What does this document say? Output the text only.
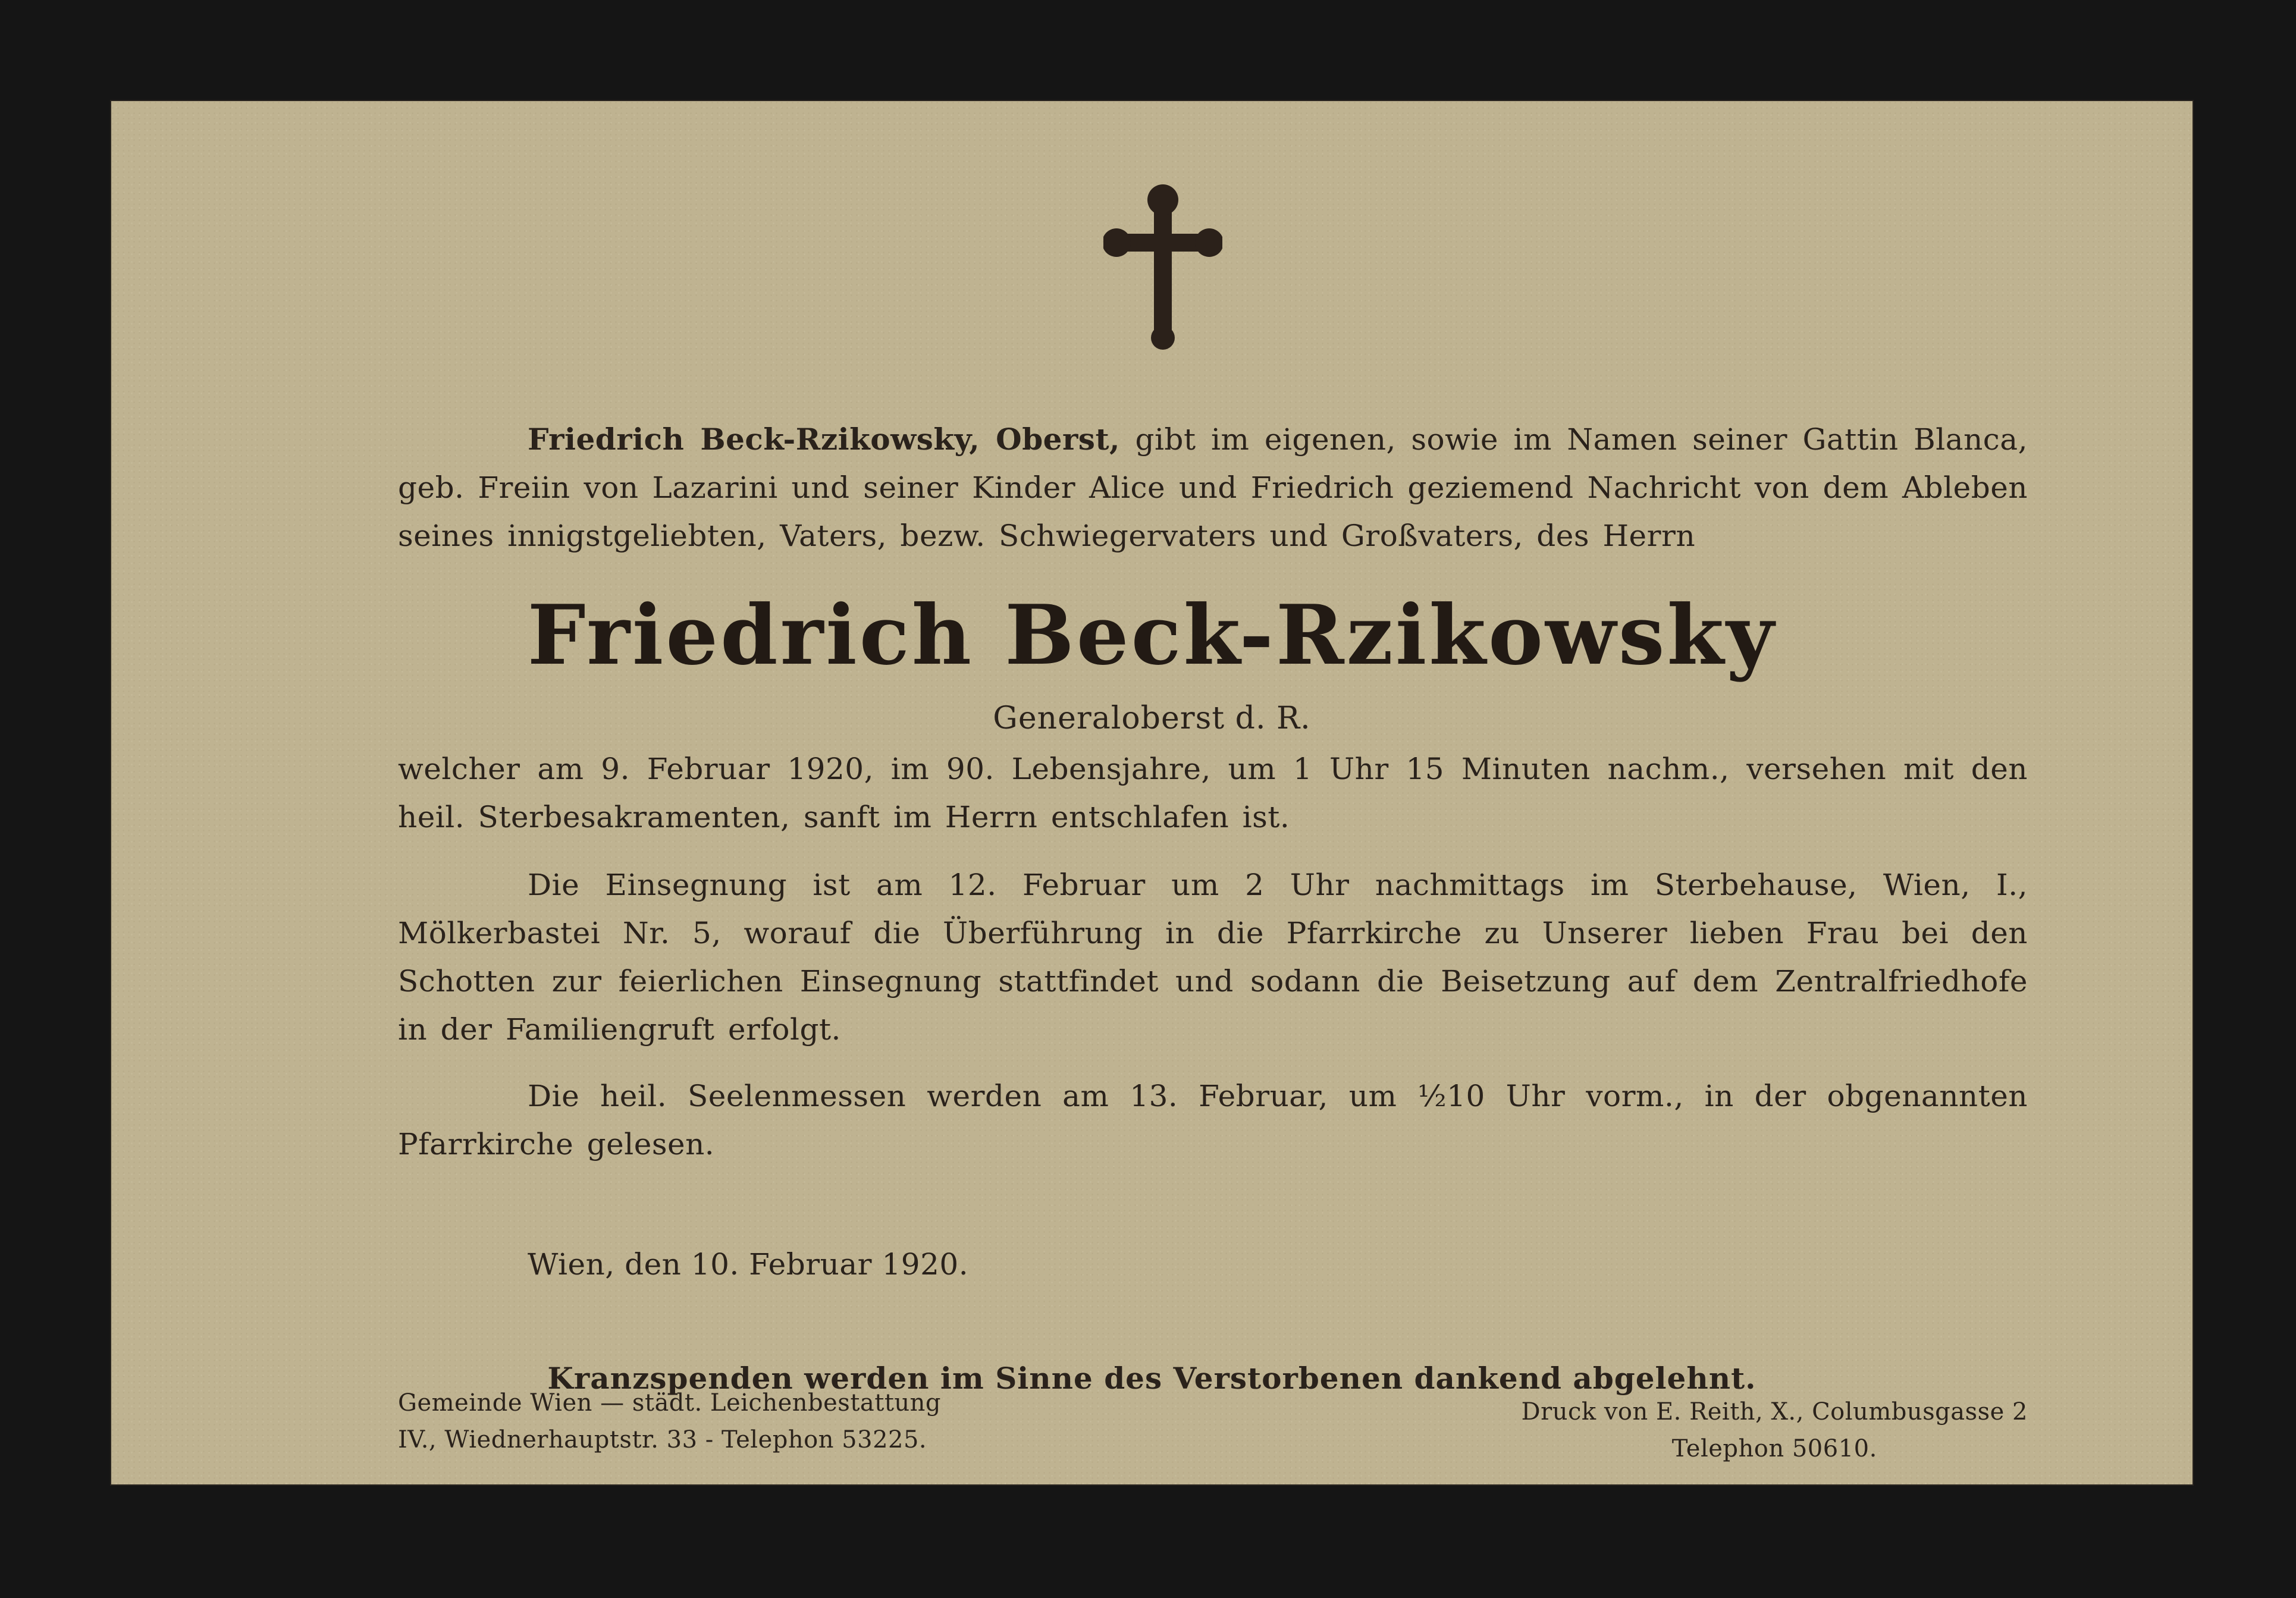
Friedrich Beck-Rzikowsky, Oberst, gibt im eigenen, sowie im Namen seiner Gattin Blanca, geb. Freiin von Lazarini und seiner Kinder Alice und Friedrich geziemend Nachricht von dem Ableben seines innigstgeliebten, Vaters, bezw. Schwiegervaters und Großvaters, des Herrn

Friedrich Beck-Rzikowsky
Generaloberst d. R.

welcher am 9. Februar 1920, im 90. Lebensjahre, um 1 Uhr 15 Minuten nachm., versehen mit den heil. Sterbesakramenten, sanft im Herrn entschlafen ist.

Die Einsegnung ist am 12. Februar um 2 Uhr nachmittags im Sterbehause, Wien, I., Mölkerbastei Nr. 5, worauf die Überführung in die Pfarrkirche zu Unserer lieben Frau bei den Schotten zur feierlichen Einsegnung stattfindet und sodann die Beisetzung auf dem Zentralfriedhofe in der Familiengruft erfolgt.

Die heil. Seelenmessen werden am 13. Februar, um ½10 Uhr vorm., in der obgenannten Pfarrkirche gelesen.

Wien, den 10. Februar 1920.
Kranzspenden werden im Sinne des Verstorbenen dankend abgelehnt.
Gemeinde Wien — städt. Leichenbestattung
IV., Wiednerhauptstr. 33 - Telephon 53225.
Druck von E. Reith, X., Columbusgasse 2
Telephon 50610.
